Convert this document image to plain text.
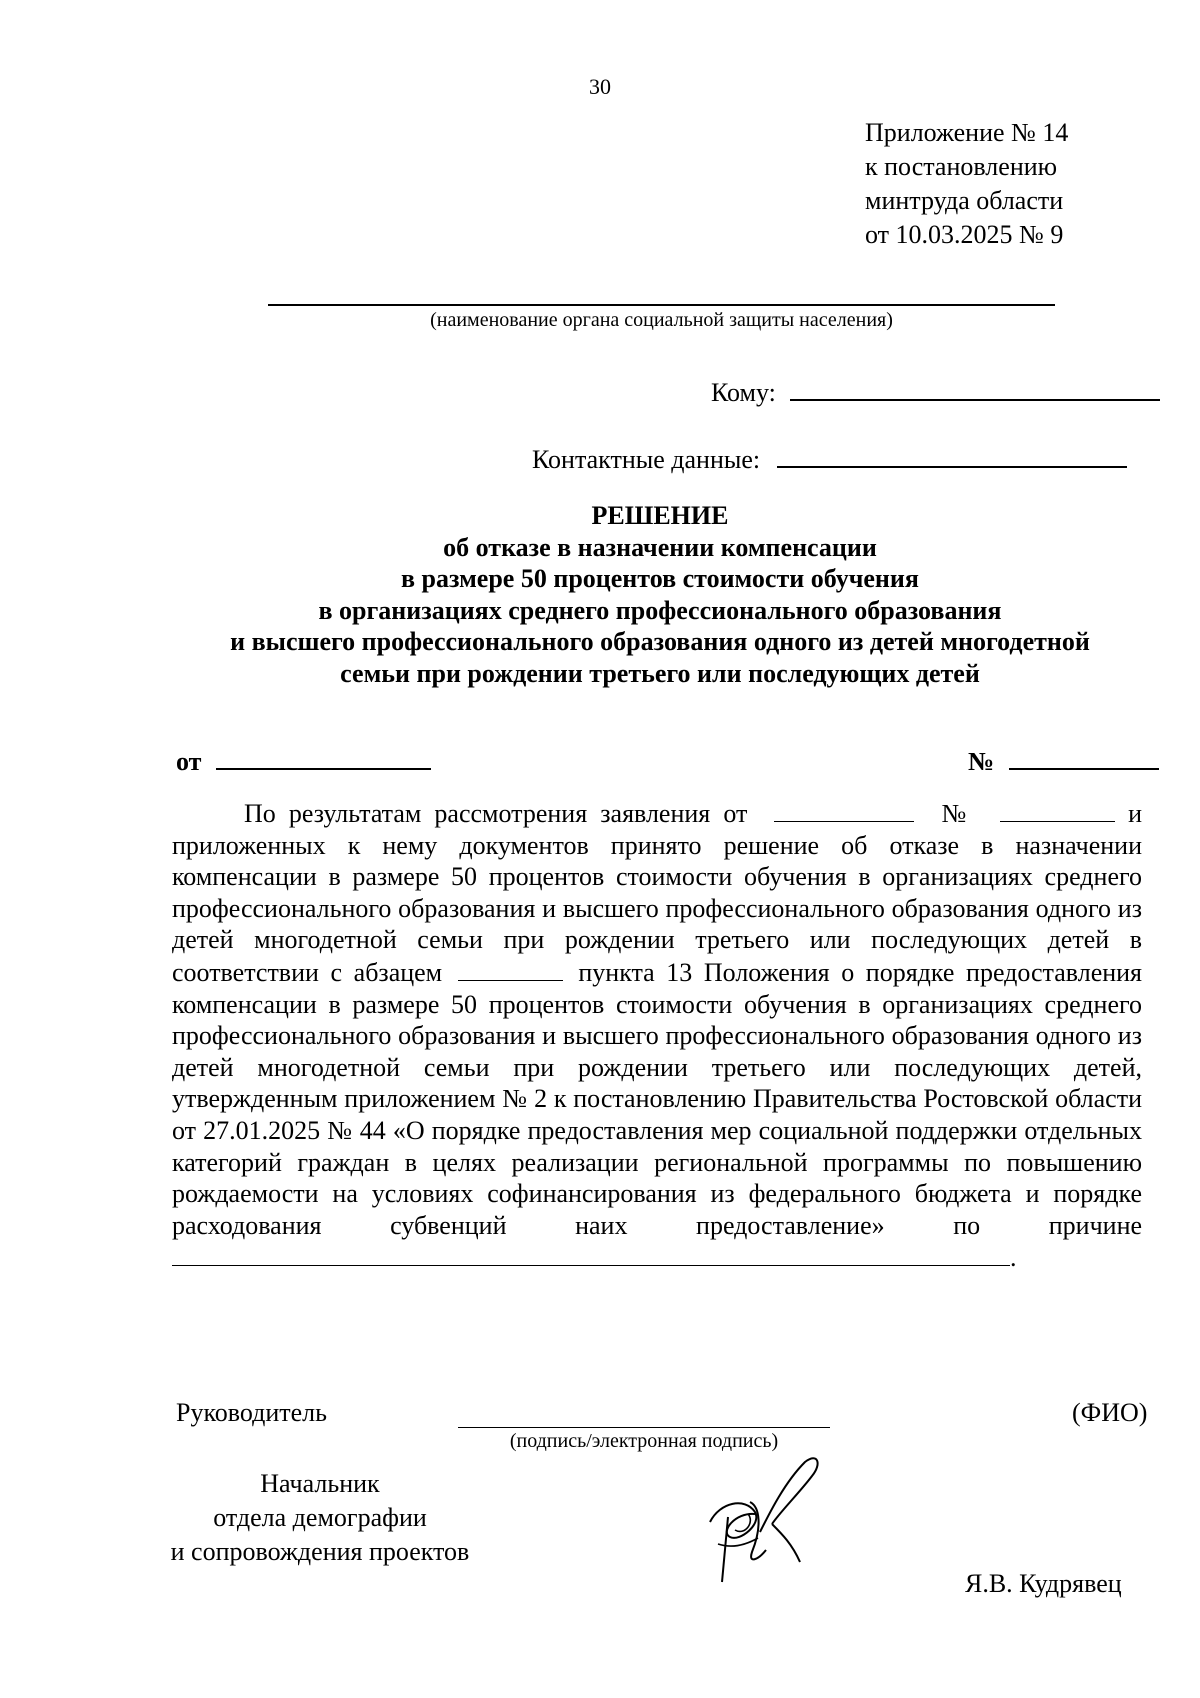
30
Приложение № 14
к постановлению
минтруда области
от 10.03.2025 № 9
(наименование органа социальной защиты населения)
Кому:
Контактные данные:
РЕШЕНИЕ
об отказе в назначении компенсации
в размере 50 процентов стоимости обучения
в организациях среднего профессионального образования
и высшего профессионального образования одного из детей многодетной
семьи при рождении третьего или последующих детей
от	№
По результатам рассмотрения заявления от	№	и приложенных к нему документов принято решение об отказе в назначении компенсации в размере 50 процентов стоимости обучения в организациях среднего профессионального образования и высшего профессионального образования одного из детей многодетной семьи при рождении третьего или последующих детей в соответствии с абзацем	пункта 13 Положения о порядке предоставления компенсации в размере 50 процентов стоимости обучения в организациях среднего профессионального образования и высшего профессионального образования одного из детей многодетной семьи при рождении третьего или последующих детей, утвержденным приложением № 2 к постановлению Правительства Ростовской области от 27.01.2025 № 44 «О порядке предоставления мер социальной поддержки отдельных категорий граждан в целях реализации региональной программы по повышению рождаемости на условиях софинансирования из федерального бюджета и порядке расходования субвенций наих предоставление»	по причине.
Руководитель
(подпись/электронная подпись)
(ФИО)
Начальник
отдела демографии
и сопровождения проектов
Я.В. Кудрявец
